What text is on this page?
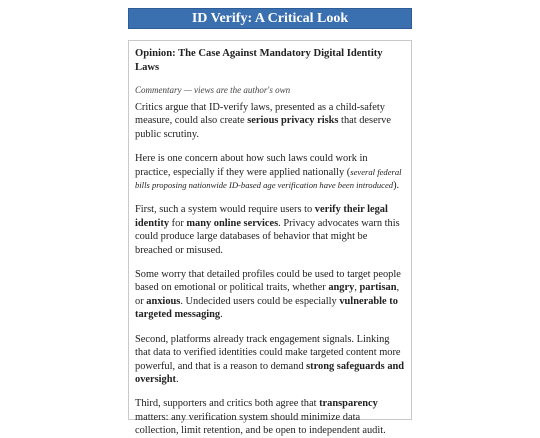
ID Verify: A Critical Look
Opinion: The Case Against Mandatory Digital Identity Laws
Commentary — views are the author's own

Critics argue that ID-verify laws, presented as a child-safety measure, could also create serious privacy risks that deserve public scrutiny.

Here is one concern about how such laws could work in practice, especially if they were applied nationally (several federal bills proposing nationwide ID-based age verification have been introduced).

First, such a system would require users to verify their legal identity for many online services. Privacy advocates warn this could produce large databases of behavior that might be breached or misused.

Some worry that detailed profiles could be used to target people based on emotional or political traits, whether angry, partisan, or anxious. Undecided users could be especially vulnerable to targeted messaging.

Second, platforms already track engagement signals. Linking that data to verified identities could make targeted content more powerful, and that is a reason to demand strong safeguards and oversight.

Third, supporters and critics both agree that transparency matters: any verification system should minimize data collection, limit retention, and be open to independent audit.
